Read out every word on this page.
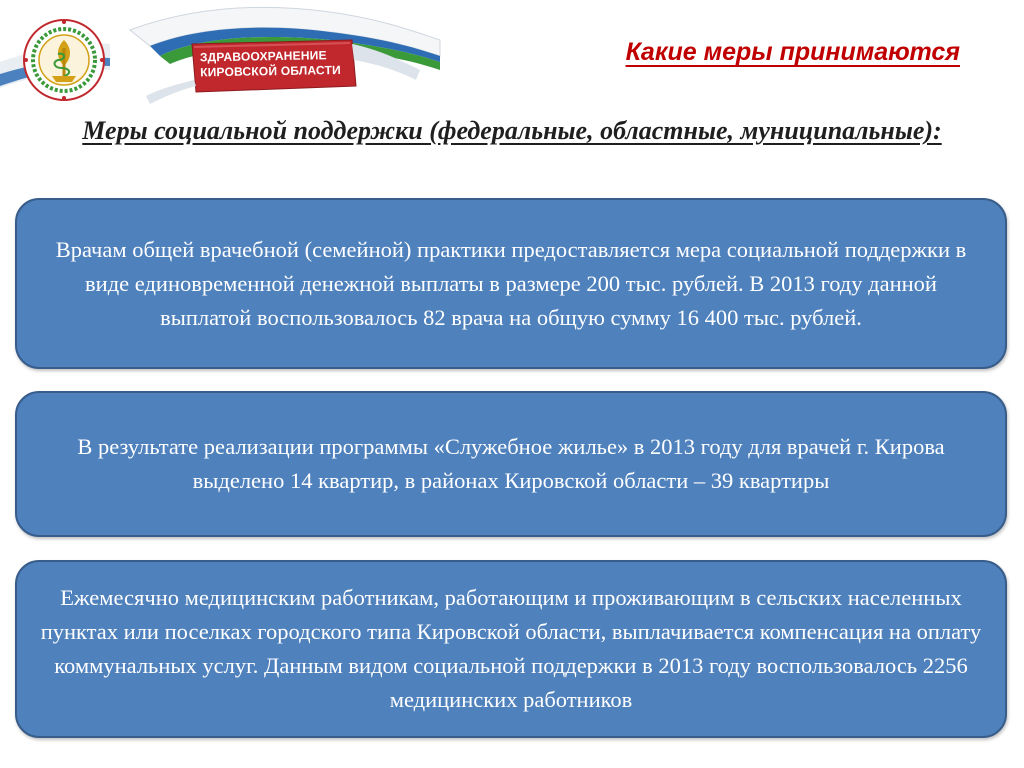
ЗДРАВООХРАНЕНИЕ
КИРОВСКОЙ ОБЛАСТИ
Какие меры принимаются
Меры социальной поддержки (федеральные, областные, муниципальные):

Врачам общей врачебной (семейной) практики предоставляется мера социальной поддержки в виде единовременной денежной выплаты в размере 200 тыс. рублей. В 2013 году данной выплатой воспользовалось 82 врача на общую сумму 16 400 тыс. рублей.

В результате реализации программы «Служебное жилье» в 2013 году для врачей г. Кирова выделено 14 квартир, в районах Кировской области – 39 квартиры

Ежемесячно медицинским работникам, работающим и проживающим в сельских населенных пунктах или поселках городского типа Кировской области, выплачивается компенсация на оплату коммунальных услуг. Данным видом социальной поддержки в 2013 году воспользовалось 2256 медицинских работников
